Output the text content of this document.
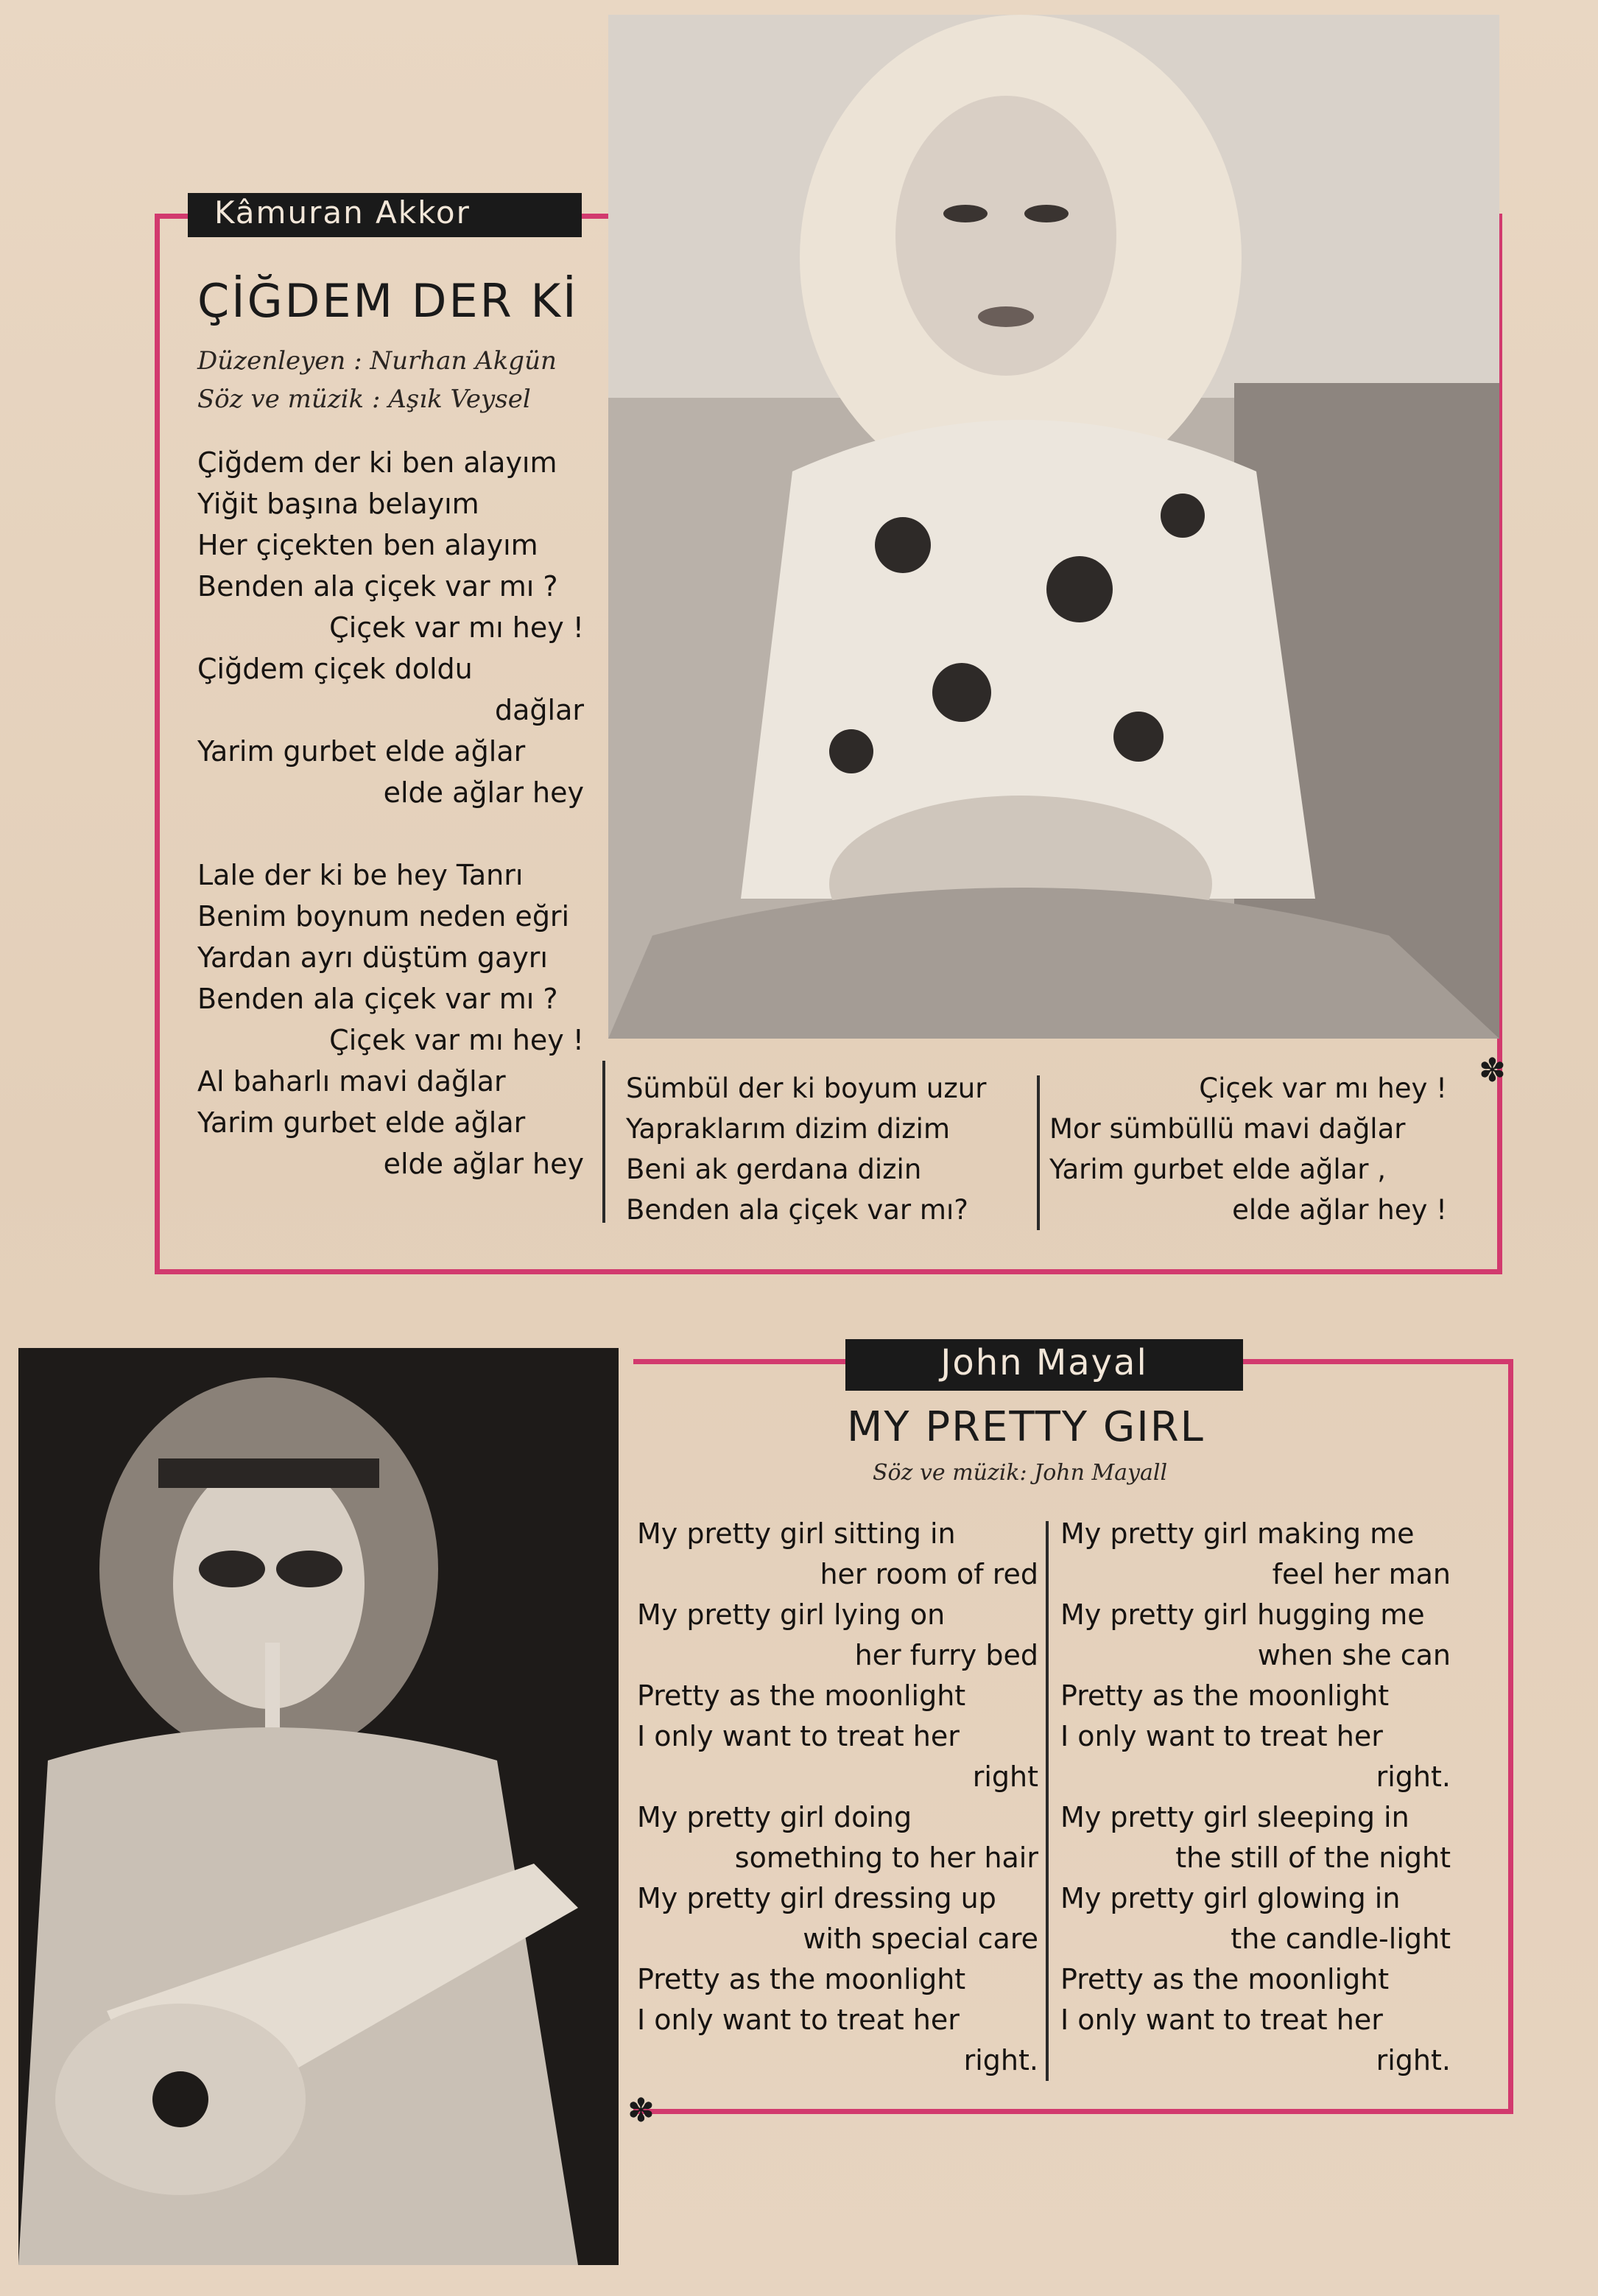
Kâmuran Akkor
ÇİĞDEM DER Kİ
Düzenleyen : Nurhan Akgün
Söz ve müzik : Aşık Veysel
Çiğdem der ki ben alayım
Yiğit başına belayım
Her çiçekten ben alayım
Benden ala çiçek var mı ?
Çiçek var mı hey !
Çiğdem çiçek doldu
dağlar
Yarim gurbet elde ağlar
elde ağlar hey
Lale der ki be hey Tanrı
Benim boynum neden eğri
Yardan ayrı düştüm gayrı
Benden ala çiçek var mı ?
Çiçek var mı hey !
Al baharlı mavi dağlar
Yarim gurbet elde ağlar
elde ağlar hey
Sümbül der ki boyum uzur
Yapraklarım dizim dizim
Beni ak gerdana dizin
Benden ala çiçek var mı?
Çiçek var mı hey !
Mor sümbüllü mavi dağlar
Yarim gurbet elde ağlar ,
elde ağlar hey !
✽
John Mayal
MY PRETTY GIRL
Söz ve müzik: John Mayall
My pretty girl sitting in
her room of red
My pretty girl lying on
her furry bed
Pretty as the moonlight
I only want to treat her
right
My pretty girl doing
something to her hair
My pretty girl dressing up
with special care
Pretty as the moonlight
I only want to treat her
right.
My pretty girl making me
feel her man
My pretty girl hugging me
when she can
Pretty as the moonlight
I only want to treat her
right.
My pretty girl sleeping in
the still of the night
My pretty girl glowing in
the candle-light
Pretty as the moonlight
I only want to treat her
right.
✽
